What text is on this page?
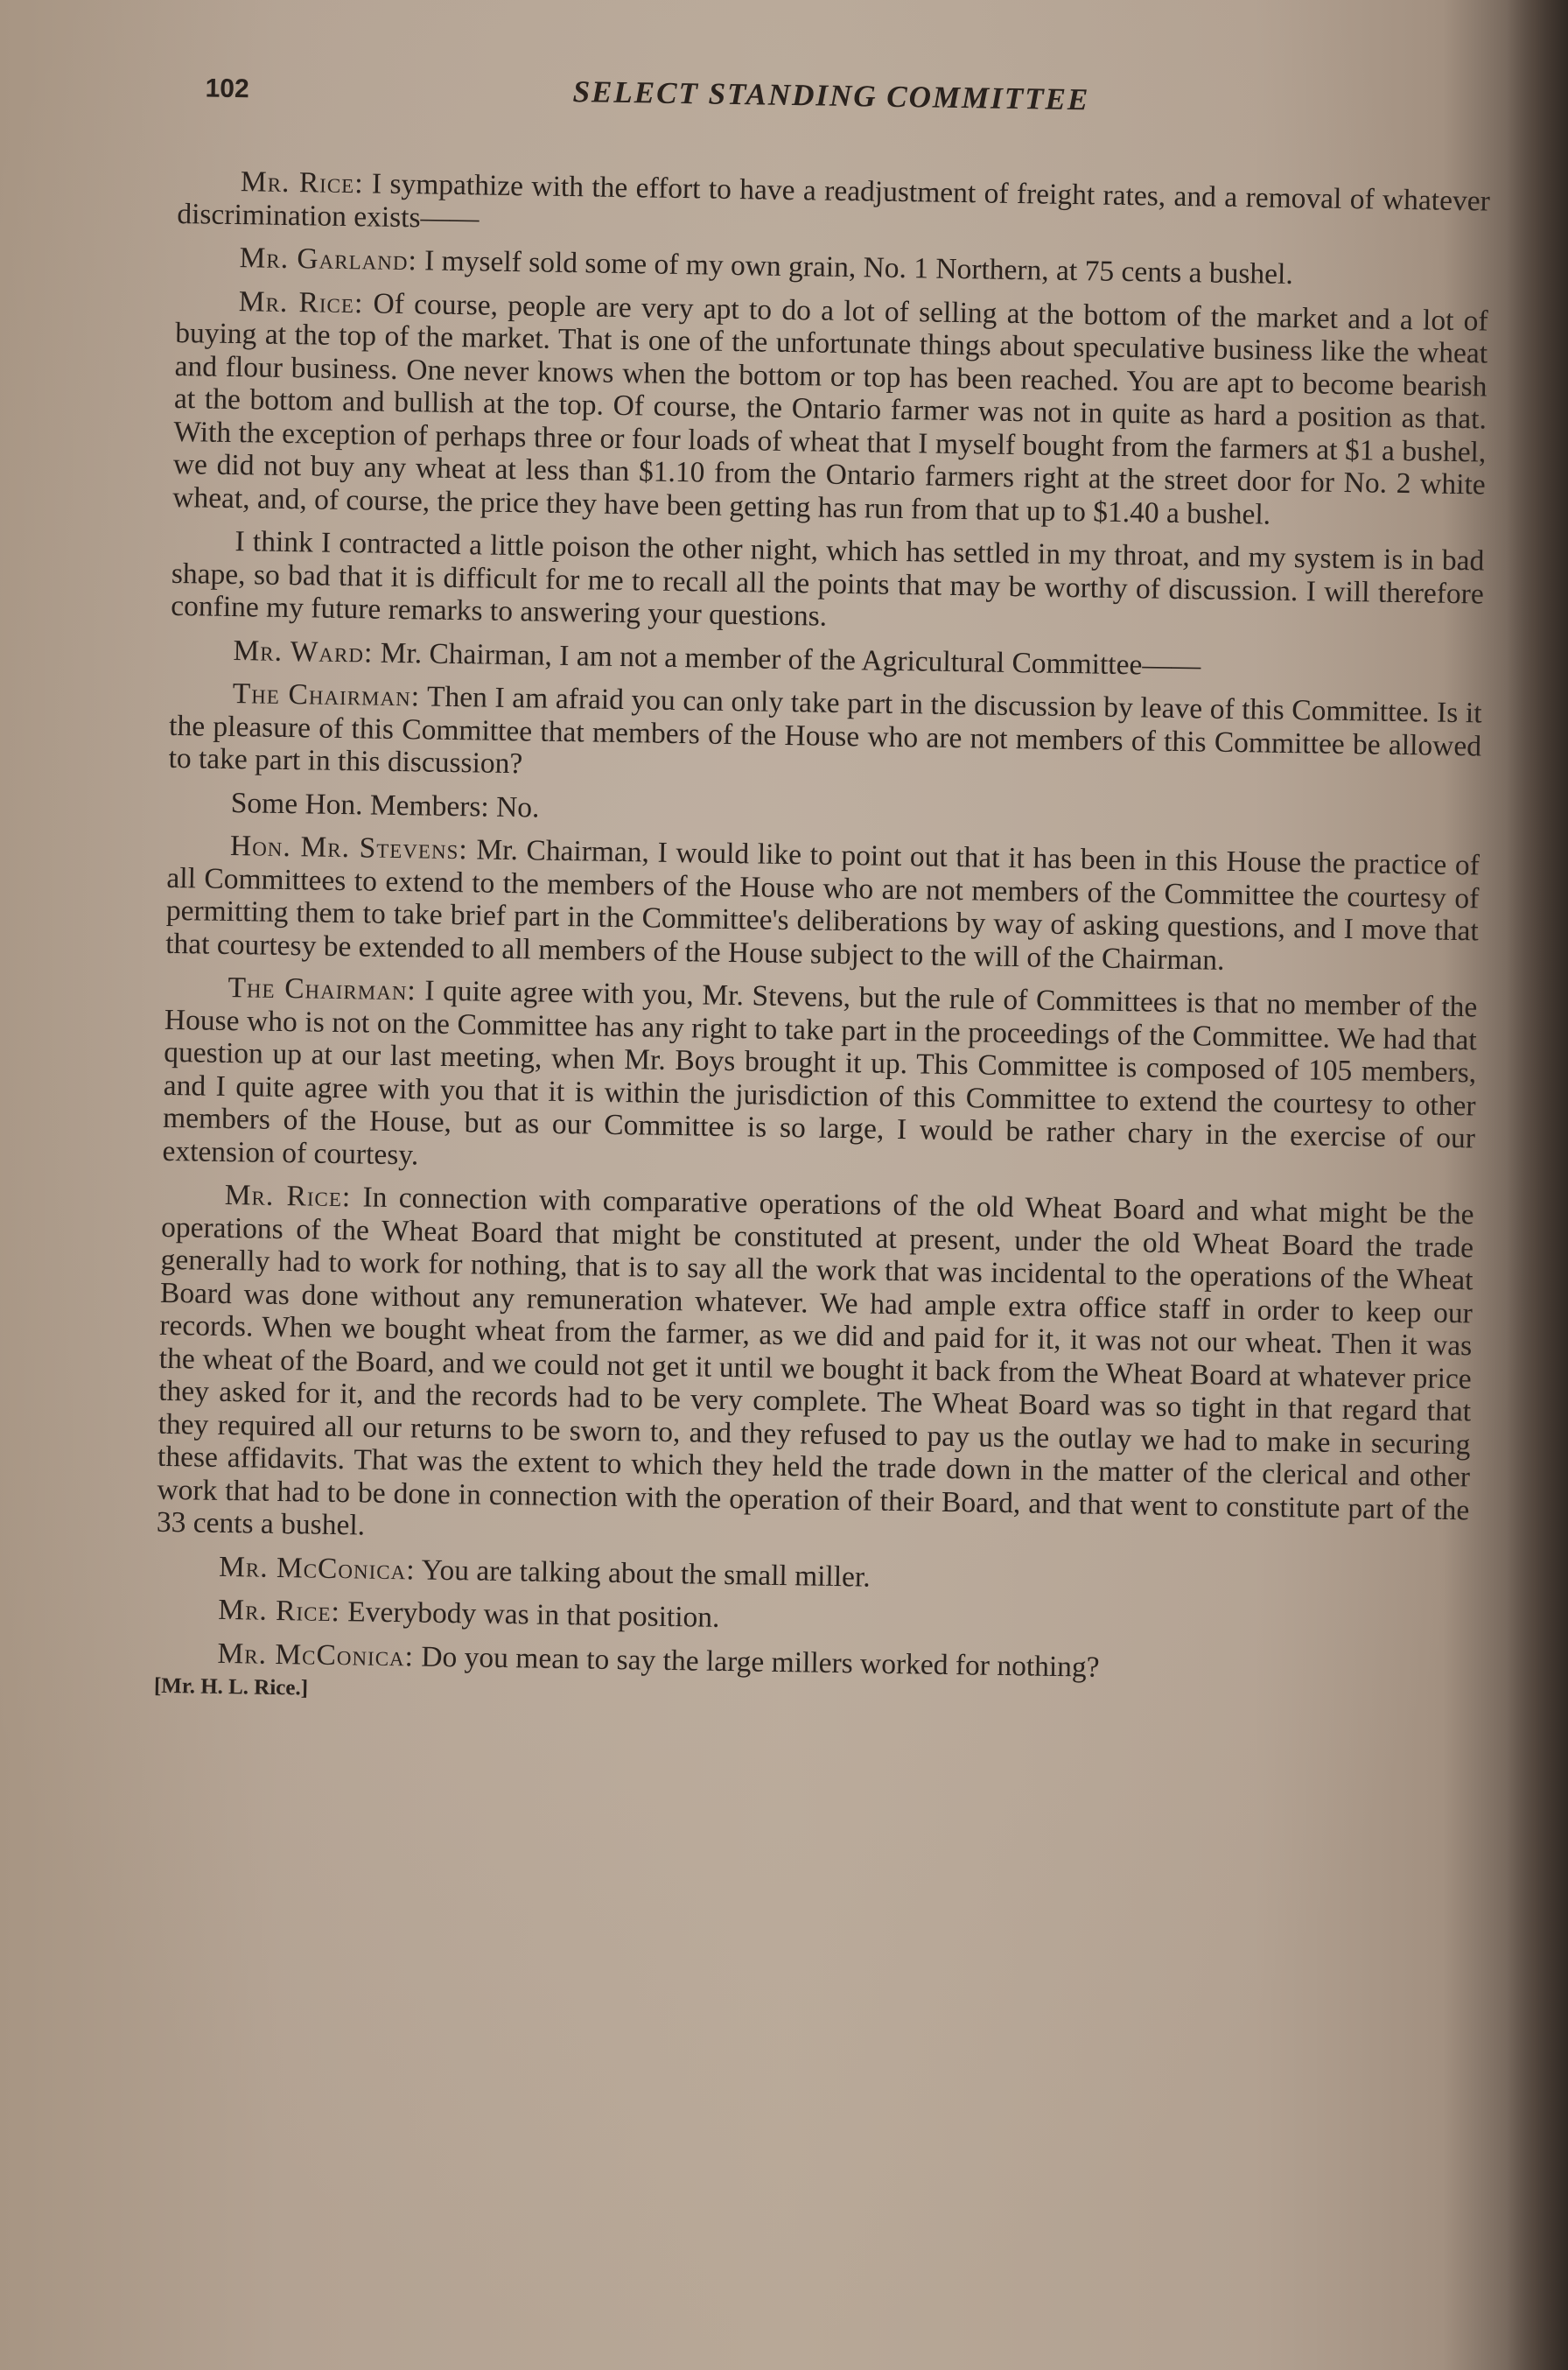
102	SELECT STANDING COMMITTEE

Mr. Rice: I sympathize with the effort to have a readjustment of freight rates, and a removal of whatever discrimination exists——

Mr. Garland: I myself sold some of my own grain, No. 1 Northern, at 75 cents a bushel.

Mr. Rice: Of course, people are very apt to do a lot of selling at the bottom of the market and a lot of buying at the top of the market. That is one of the unfortunate things about speculative business like the wheat and flour business. One never knows when the bottom or top has been reached. You are apt to become bearish at the bottom and bullish at the top. Of course, the Ontario farmer was not in quite as hard a position as that. With the exception of perhaps three or four loads of wheat that I myself bought from the farmers at $1 a bushel, we did not buy any wheat at less than $1.10 from the Ontario farmers right at the street door for No. 2 white wheat, and, of course, the price they have been getting has run from that up to $1.40 a bushel.

I think I contracted a little poison the other night, which has settled in my throat, and my system is in bad shape, so bad that it is difficult for me to recall all the points that may be worthy of discussion. I will therefore confine my future remarks to answering your questions.

Mr. Ward: Mr. Chairman, I am not a member of the Agricultural Committee——

The Chairman: Then I am afraid you can only take part in the discussion by leave of this Committee. Is it the pleasure of this Committee that members of the House who are not members of this Committee be allowed to take part in this discussion?

Some Hon. Members: No.

Hon. Mr. Stevens: Mr. Chairman, I would like to point out that it has been in this House the practice of all Committees to extend to the members of the House who are not members of the Committee the courtesy of permitting them to take brief part in the Committee's deliberations by way of asking questions, and I move that that courtesy be extended to all members of the House subject to the will of the Chairman.

The Chairman: I quite agree with you, Mr. Stevens, but the rule of Committees is that no member of the House who is not on the Committee has any right to take part in the proceedings of the Committee. We had that question up at our last meeting, when Mr. Boys brought it up. This Committee is composed of 105 members, and I quite agree with you that it is within the jurisdiction of this Committee to extend the courtesy to other members of the House, but as our Committee is so large, I would be rather chary in the exercise of our extension of courtesy.

Mr. Rice: In connection with comparative operations of the old Wheat Board and what might be the operations of the Wheat Board that might be constituted at present, under the old Wheat Board the trade generally had to work for nothing, that is to say all the work that was incidental to the operations of the Wheat Board was done without any remuneration whatever. We had ample extra office staff in order to keep our records. When we bought wheat from the farmer, as we did and paid for it, it was not our wheat. Then it was the wheat of the Board, and we could not get it until we bought it back from the Wheat Board at whatever price they asked for it, and the records had to be very complete. The Wheat Board was so tight in that regard that they required all our returns to be sworn to, and they refused to pay us the outlay we had to make in securing these affidavits. That was the extent to which they held the trade down in the matter of the clerical and other work that had to be done in connection with the operation of their Board, and that went to constitute part of the 33 cents a bushel.

Mr. McConica: You are talking about the small miller.

Mr. Rice: Everybody was in that position.

Mr. McConica: Do you mean to say the large millers worked for nothing?

[Mr. H. L. Rice.]
